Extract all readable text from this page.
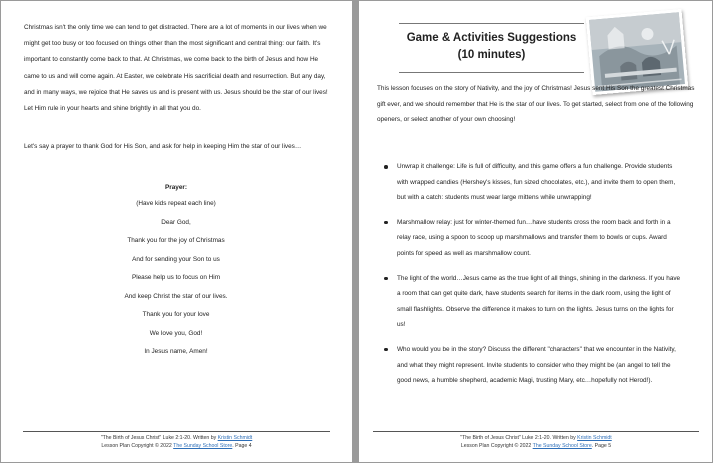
Christmas isn't the only time we can tend to get distracted. There are a lot of moments in our lives when we might get too busy or too focused on things other than the most significant and central thing: our faith. It's important to constantly come back to that. At Christmas, we come back to the birth of Jesus and how He came to us and will come again. At Easter, we celebrate His sacrificial death and resurrection. But any day, and in many ways, we rejoice that He saves us and is present with us. Jesus should be the star of our lives! Let Him rule in your hearts and shine brightly in all that you do.

Let's say a prayer to thank God for His Son, and ask for help in keeping Him the star of our lives…

Prayer:
(Have kids repeat each line)
Dear God,
Thank you for the joy of Christmas
And for sending your Son to us
Please help us to focus on Him
And keep Christ the star of our lives.
Thank you for your love
We love you, God!
In Jesus name, Amen!
"The Birth of Jesus Christ" Luke 2:1-20. Written by Kristin Schmidt
Lesson Plan Copyright © 2022 The Sunday School Store. Page 4
Game & Activities Suggestions
(10 minutes)

This lesson focuses on the story of Nativity, and the joy of Christmas! Jesus sent His Son the greatest Christmas gift ever, and we should remember that He is the star of our lives. To get started, select from one of the following openers, or select another of your own choosing!

Unwrap it challenge: Life is full of difficulty, and this game offers a fun challenge. Provide students with wrapped candies (Hershey's kisses, fun sized chocolates, etc.), and invite them to open them, but with a catch: students must wear large mittens while unwrapping!
Marshmallow relay: just for winter-themed fun…have students cross the room back and forth in a relay race, using a spoon to scoop up marshmallows and transfer them to bowls or cups. Award points for speed as well as marshmallow count.
The light of the world…Jesus came as the true light of all things, shining in the darkness. If you have a room that can get quite dark, have students search for items in the dark room, using the light of small flashlights. Observe the difference it makes to turn on the lights. Jesus turns on the lights for us!
Who would you be in the story? Discuss the different "characters" that we encounter in the Nativity, and what they might represent. Invite students to consider who they might be (an angel to tell the good news, a humble shepherd, academic Magi, trusting Mary, etc…hopefully not Herod!).
"The Birth of Jesus Christ" Luke 2:1-20. Written by Kristin Schmidt
Lesson Plan Copyright © 2022 The Sunday School Store. Page 5
